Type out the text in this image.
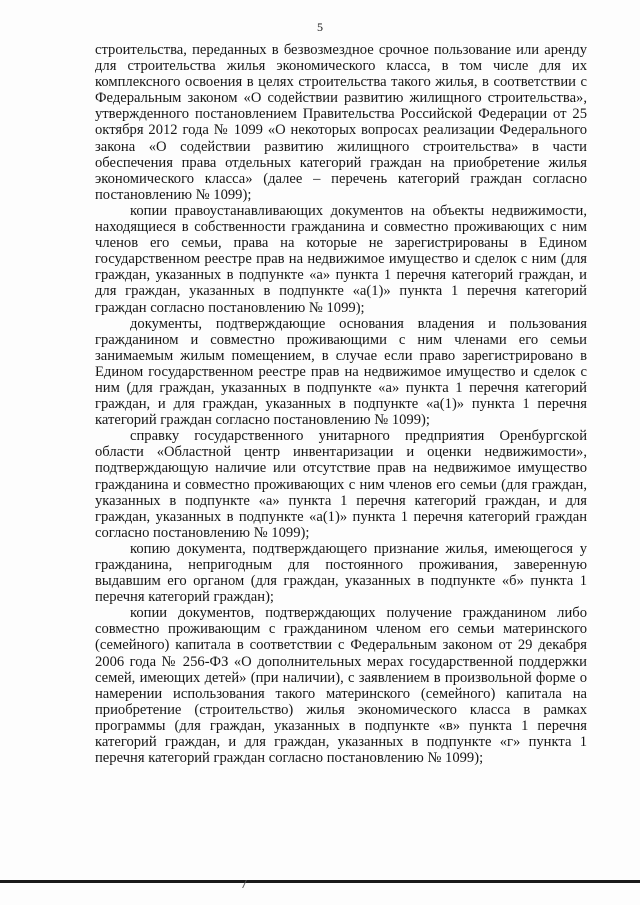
5

строительства, переданных в безвозмездное срочное пользование или аренду для строительства жилья экономического класса, в том числе для их комплексного освоения в целях строительства такого жилья, в соответствии с Федеральным законом «О содействии развитию жилищного строительства», утвержденного постановлением Правительства Российской Федерации от 25 октября 2012 года № 1099 «О некоторых вопросах реализации Федерального закона «О содействии развитию жилищного строительства» в части обеспечения права отдельных категорий граждан на приобретение жилья экономического класса» (далее – перечень категорий граждан согласно постановлению № 1099);

копии правоустанавливающих документов на объекты недвижимости, находящиеся в собственности гражданина и совместно проживающих с ним членов его семьи, права на которые не зарегистрированы в Едином государственном реестре прав на недвижимое имущество и сделок с ним (для граждан, указанных в подпункте «а» пункта 1 перечня категорий граждан, и для граждан, указанных в подпункте «а(1)» пункта 1 перечня категорий граждан согласно постановлению № 1099);

документы, подтверждающие основания владения и пользования гражданином и совместно проживающими с ним членами его семьи занимаемым жилым помещением, в случае если право зарегистрировано в Едином государственном реестре прав на недвижимое имущество и сделок с ним (для граждан, указанных в подпункте «а» пункта 1 перечня категорий граждан, и для граждан, указанных в подпункте «а(1)» пункта 1 перечня категорий граждан согласно постановлению № 1099);

справку государственного унитарного предприятия Оренбургской области «Областной центр инвентаризации и оценки недвижимости», подтверждающую наличие или отсутствие прав на недвижимое имущество гражданина и совместно проживающих с ним членов его семьи (для граждан, указанных в подпункте «а» пункта 1 перечня категорий граждан, и для граждан, указанных в подпункте «а(1)» пункта 1 перечня категорий граждан согласно постановлению № 1099);

копию документа, подтверждающего признание жилья, имеющегося у гражданина, непригодным для постоянного проживания, заверенную выдавшим его органом (для граждан, указанных в подпункте «б» пункта 1 перечня категорий граждан);

копии документов, подтверждающих получение гражданином либо совместно проживающим с гражданином членом его семьи материнского (семейного) капитала в соответствии с Федеральным законом от 29 декабря 2006 года № 256-ФЗ «О дополнительных мерах государственной поддержки семей, имеющих детей» (при наличии), с заявлением в произвольной форме о намерении использования такого материнского (семейного) капитала на приобретение (строительство) жилья экономического класса в рамках программы (для граждан, указанных в подпункте «в» пункта 1 перечня категорий граждан, и для граждан, указанных в подпункте «г» пункта 1 перечня категорий граждан согласно постановлению № 1099);
